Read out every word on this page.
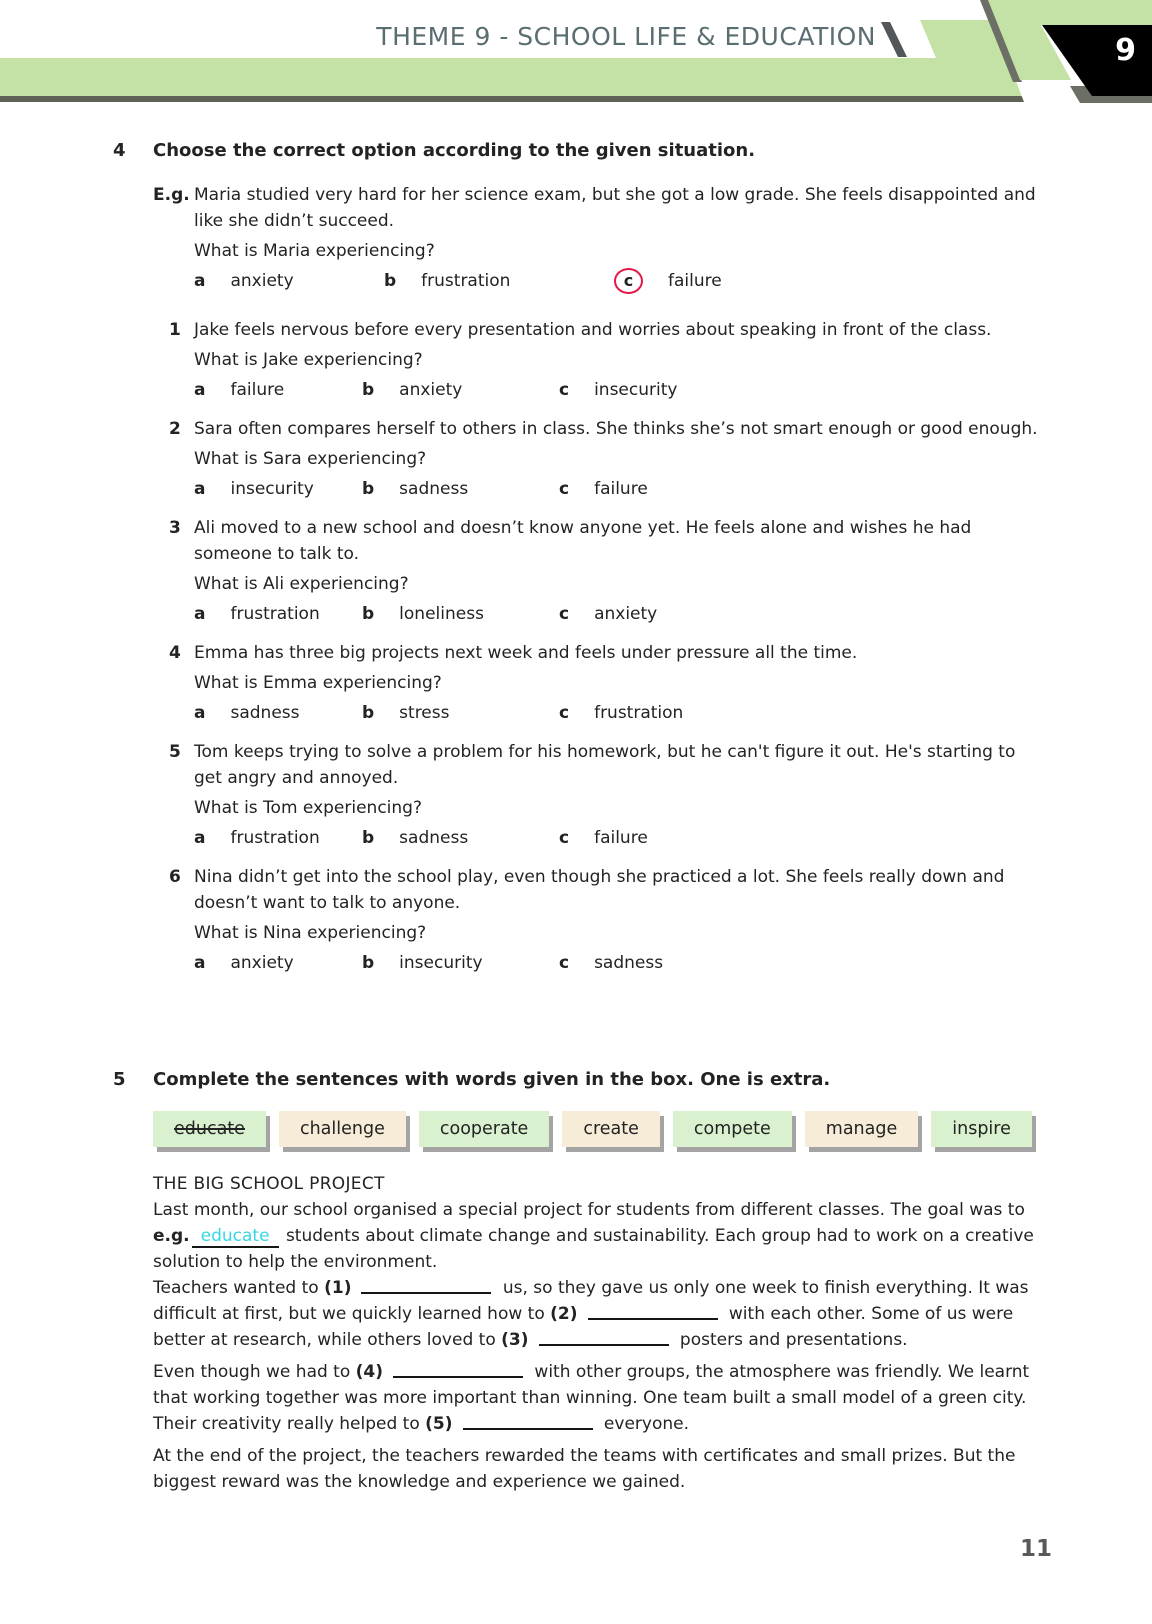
THEME 9 - SCHOOL LIFE & EDUCATION	9
4	Choose the correct option according to the given situation.

E.g. Maria studied very hard for her science exam, but she got a low grade. She feels disappointed and like she didn’t succeed.

What is Maria experiencing?

a anxiety	b frustration	c failure
1 Jake feels nervous before every presentation and worries about speaking in front of the class.

What is Jake experiencing?

a failure	b anxiety	c insecurity
2 Sara often compares herself to others in class. She thinks she’s not smart enough or good enough.

What is Sara experiencing?

a insecurity	b sadness	c failure
3 Ali moved to a new school and doesn’t know anyone yet. He feels alone and wishes he had someone to talk to.

What is Ali experiencing?

a frustration b loneliness	c anxiety
4 Emma has three big projects next week and feels under pressure all the time.

What is Emma experiencing?

a sadness	b stress	c frustration
5 Tom keeps trying to solve a problem for his homework, but he can't figure it out. He's starting to get angry and annoyed.

What is Tom experiencing?

a frustration b sadness	c failure
6 Nina didn’t get into the school play, even though she practiced a lot. She feels really down and doesn’t want to talk to anyone.

What is Nina experiencing?

a anxiety	b insecurity	c sadness
5	Complete the sentences with words given in the box. One is extra.

educate	challenge	cooperate	create	compete	manage	inspire

THE BIG SCHOOL PROJECT

Last month, our school organised a special project for students from different classes. The goal was to e.g. educate students about climate change and sustainability. Each group had to work on a creative solution to help the environment.

Teachers wanted to (1)	us, so they gave us only one week to finish everything. It was difficult at first, but we quickly learned how to (2)	with each other. Some of us were better at research, while others loved to (3)	posters and presentations.

Even though we had to (4)	with other groups, the atmosphere was friendly. We learnt that working together was more important than winning. One team built a small model of a green city. Their creativity really helped to (5)	everyone.

At the end of the project, the teachers rewarded the teams with certificates and small prizes. But the biggest reward was the knowledge and experience we gained.

11
